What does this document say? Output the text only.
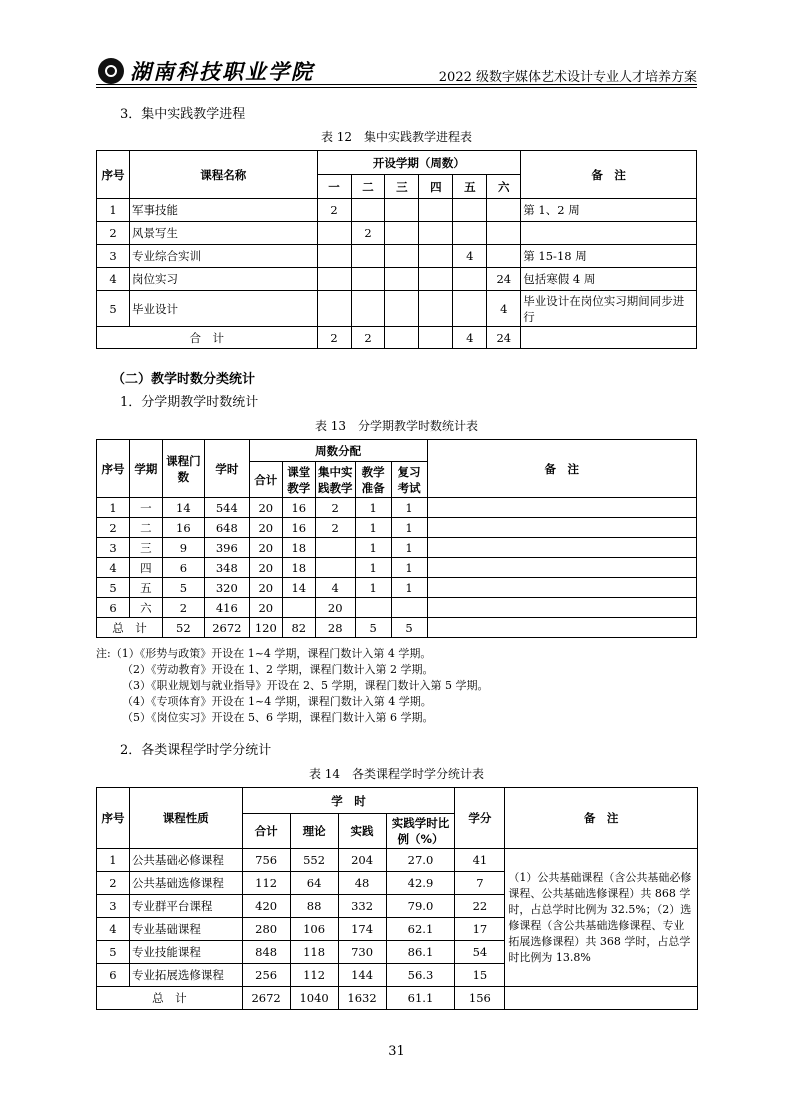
湖南科技职业学院	2022 级数字媒体艺术设计专业人才培养方案
3．集中实践教学进程
表 12　集中实践教学进程表
序号	课程名称	开设学期（周数）						备　注
		一	二	三	四	五	六	
1	军事技能	2						第 1、2 周
2	风景写生		2					
3	专业综合实训					4		第 15-18 周
4	岗位实习						24	包括寒假 4 周
5	毕业设计						4	毕业设计在岗位实习期间同步进行
合　计		2	2			4	24	
（二）教学时数分类统计
1．分学期教学时数统计
表 13　分学期教学时数统计表
序号	学期	课程门数	学时	周数分配					备　注
				合计	课堂教学	集中实践教学	教学准备	复习考试	
1	一	14	544	20	16	2	1	1	
2	二	16	648	20	16	2	1	1	
3	三	9	396	20	18		1	1	
4	四	6	348	20	18		1	1	
5	五	5	320	20	14	4	1	1	
6	六	2	416	20		20			
总　计		52	2672	120	82	28	5	5	
注:（1）《形势与政策》开设在 1~4 学期，课程门数计入第 4 学期。
（2）《劳动教育》开设在 1、2 学期，课程门数计入第 2 学期。
（3）《职业规划与就业指导》开设在 2、5 学期，课程门数计入第 5 学期。
（4）《专项体育》开设在 1~4 学期，课程门数计入第 4 学期。
（5）《岗位实习》开设在 5、6 学期，课程门数计入第 6 学期。
2．各类课程学时学分统计
表 14　各类课程学时学分统计表
序号	课程性质	学　时				学分	备　注
		合计	理论	实践	实践学时比例（%）		
1	公共基础必修课程	756	552	204	27.0	41	（1）公共基础课程（含公共基础必修课程、公共基础选修课程）共 868 学时，占总学时比例为 32.5%；（2）选修课程（含公共基础选修课程、专业拓展选修课程）共 368 学时，占总学时比例为 13.8%
2	公共基础选修课程	112	64	48	42.9	7	
3	专业群平台课程	420	88	332	79.0	22	
4	专业基础课程	280	106	174	62.1	17	
5	专业技能课程	848	118	730	86.1	54	
6	专业拓展选修课程	256	112	144	56.3	15	
总　计		2672	1040	1632	61.1	156	
31
